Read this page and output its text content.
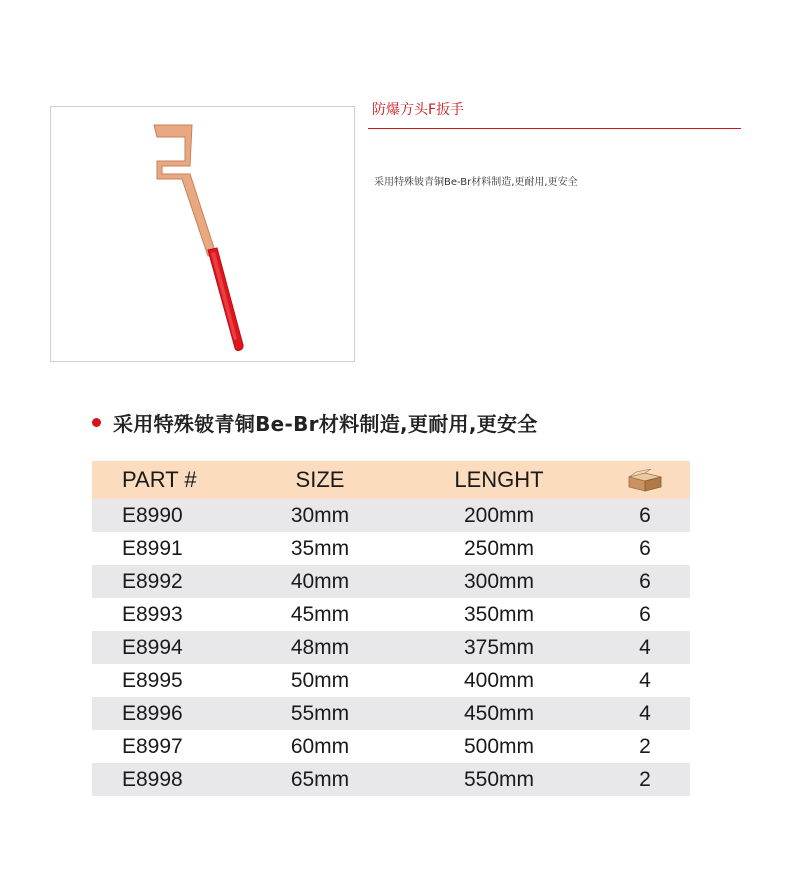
防爆方头F扳手
采用特殊铍青铜Be-Br材料制造,更耐用,更安全
采用特殊铍青铜Be-Br材料制造,更耐用,更安全
PART #	SIZE	LENGHT	
E8990	30mm	200mm	6
E8991	35mm	250mm	6
E8992	40mm	300mm	6
E8993	45mm	350mm	6
E8994	48mm	375mm	4
E8995	50mm	400mm	4
E8996	55mm	450mm	4
E8997	60mm	500mm	2
E8998	65mm	550mm	2
